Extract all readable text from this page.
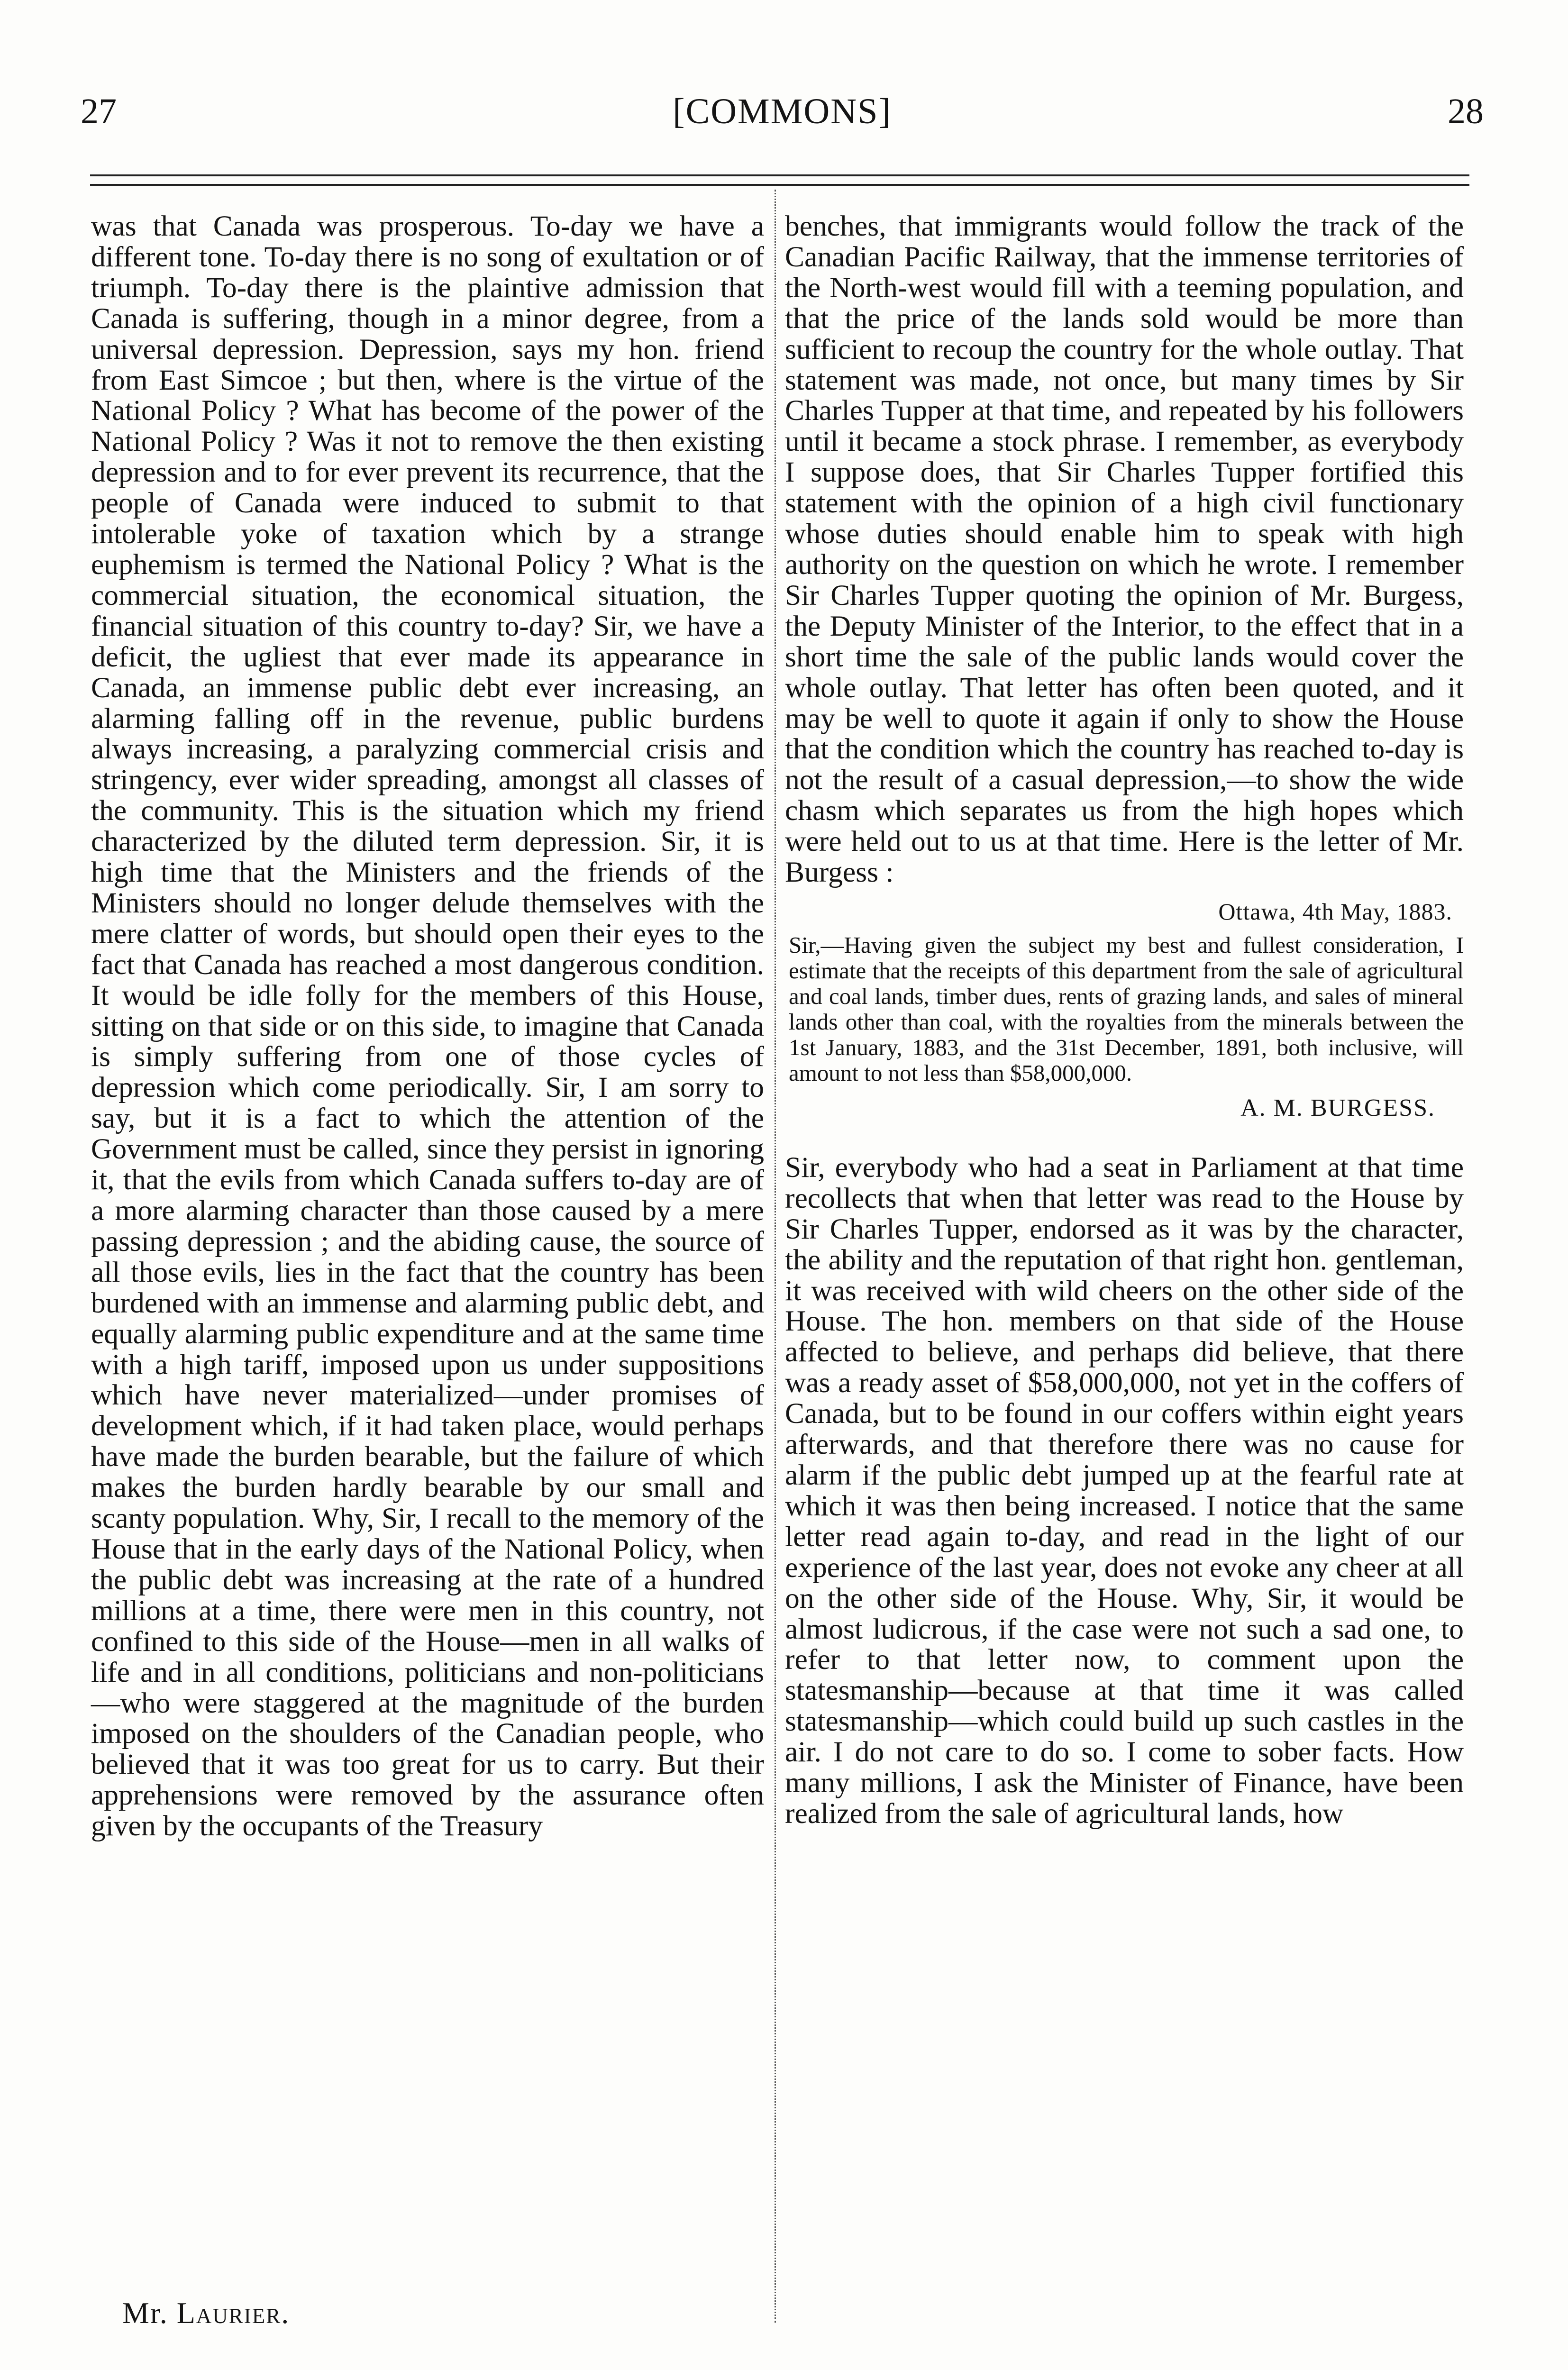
27	[COMMONS]	28

was that Canada was prosperous. To-day we have a different tone. To-day there is no song of exultation or of triumph. To-day there is the plaintive admission that Canada is suffering, though in a minor degree, from a universal depression. Depression, says my hon. friend from East Simcoe ; but then, where is the virtue of the National Policy ? What has become of the power of the National Policy ? Was it not to remove the then existing depression and to for ever prevent its recurrence, that the people of Canada were induced to submit to that intolerable yoke of taxation which by a strange euphemism is termed the National Policy ? What is the commercial situation, the economical situation, the financial situation of this country to-day? Sir, we have a deficit, the ugliest that ever made its appearance in Canada, an immense public debt ever increasing, an alarming falling off in the revenue, public burdens always increasing, a paralyzing commercial crisis and stringency, ever wider spreading, amongst all classes of the community. This is the situation which my friend characterized by the diluted term depression. Sir, it is high time that the Ministers and the friends of the Ministers should no longer delude themselves with the mere clatter of words, but should open their eyes to the fact that Canada has reached a most dangerous condition. It would be idle folly for the members of this House, sitting on that side or on this side, to imagine that Canada is simply suffering from one of those cycles of depression which come periodically. Sir, I am sorry to say, but it is a fact to which the attention of the Government must be called, since they persist in ignoring it, that the evils from which Canada suffers to-day are of a more alarming character than those caused by a mere passing depression ; and the abiding cause, the source of all those evils, lies in the fact that the country has been burdened with an immense and alarming public debt, and equally alarming public expenditure and at the same time with a high tariff, imposed upon us under suppositions which have never materialized—under promises of development which, if it had taken place, would perhaps have made the burden bearable, but the failure of which makes the burden hardly bearable by our small and scanty population. Why, Sir, I recall to the memory of the House that in the early days of the National Policy, when the public debt was increasing at the rate of a hundred millions at a time, there were men in this country, not confined to this side of the House—men in all walks of life and in all conditions, politicians and non-politicians —who were staggered at the magnitude of the burden imposed on the shoulders of the Canadian people, who believed that it was too great for us to carry. But their apprehensions were removed by the assurance often given by the occupants of the Treasury

benches, that immigrants would follow the track of the Canadian Pacific Railway, that the immense territories of the North-west would fill with a teeming population, and that the price of the lands sold would be more than sufficient to recoup the country for the whole outlay. That statement was made, not once, but many times by Sir Charles Tupper at that time, and repeated by his followers until it became a stock phrase. I remember, as everybody I suppose does, that Sir Charles Tupper fortified this statement with the opinion of a high civil functionary whose duties should enable him to speak with high authority on the question on which he wrote. I remember Sir Charles Tupper quoting the opinion of Mr. Burgess, the Deputy Minister of the Interior, to the effect that in a short time the sale of the public lands would cover the whole outlay. That letter has often been quoted, and it may be well to quote it again if only to show the House that the condition which the country has reached to-day is not the result of a casual depression,—to show the wide chasm which separates us from the high hopes which were held out to us at that time. Here is the letter of Mr. Burgess :

Ottawa, 4th May, 1883.

Sir,—Having given the subject my best and fullest consideration, I estimate that the receipts of this department from the sale of agricultural and coal lands, timber dues, rents of grazing lands, and sales of mineral lands other than coal, with the royalties from the minerals between the 1st January, 1883, and the 31st December, 1891, both inclusive, will amount to not less than $58,000,000.

A. M. BURGESS.

Sir, everybody who had a seat in Parliament at that time recollects that when that letter was read to the House by Sir Charles Tupper, endorsed as it was by the character, the ability and the reputation of that right hon. gentleman, it was received with wild cheers on the other side of the House. The hon. members on that side of the House affected to believe, and perhaps did believe, that there was a ready asset of $58,000,000, not yet in the coffers of Canada, but to be found in our coffers within eight years afterwards, and that therefore there was no cause for alarm if the public debt jumped up at the fearful rate at which it was then being increased. I notice that the same letter read again to-day, and read in the light of our experience of the last year, does not evoke any cheer at all on the other side of the House. Why, Sir, it would be almost ludicrous, if the case were not such a sad one, to refer to that letter now, to comment upon the statesmanship—because at that time it was called statesmanship—which could build up such castles in the air. I do not care to do so. I come to sober facts. How many millions, I ask the Minister of Finance, have been realized from the sale of agricultural lands, how

Mr. Laurier.
